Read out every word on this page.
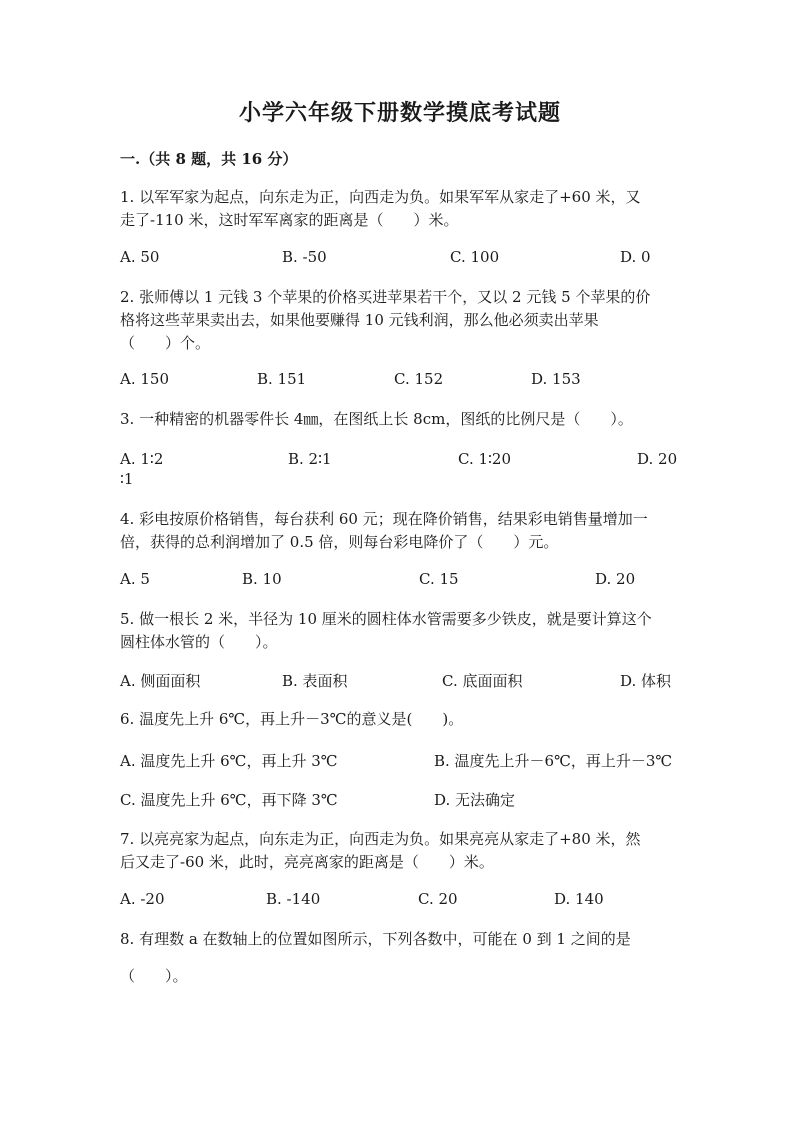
小学六年级下册数学摸底考试题
一.（共 8 题，共 16 分）
1. 以军军家为起点，向东走为正，向西走为负。如果军军从家走了+60 米，又
走了-110 米，这时军军离家的距离是（　　）米。
A. 50	B. -50	C. 100	D. 0
2. 张师傅以 1 元钱 3 个苹果的价格买进苹果若干个，又以 2 元钱 5 个苹果的价
格将这些苹果卖出去，如果他要赚得 10 元钱利润，那么他必须卖出苹果
（　　）个。
A. 150	B. 151	C. 152	D. 153
3. 一种精密的机器零件长 4㎜，在图纸上长 8cm，图纸的比例尺是（　　）。
A. 1∶2	B. 2∶1	C. 1∶20	D. 20
∶1
4. 彩电按原价格销售，每台获利 60 元；现在降价销售，结果彩电销售量增加一
倍，获得的总利润增加了 0.5 倍，则每台彩电降价了（　　）元。
A. 5	B. 10	C. 15	D. 20
5. 做一根长 2 米，半径为 10 厘米的圆柱体水管需要多少铁皮，就是要计算这个
圆柱体水管的（　　）。
A. 侧面面积	B. 表面积	C. 底面面积	D. 体积
6. 温度先上升 6℃，再上升－3℃的意义是(　　)。
A. 温度先上升 6℃，再上升 3℃	B. 温度先上升－6℃，再上升－3℃
C. 温度先上升 6℃，再下降 3℃	D. 无法确定
7. 以亮亮家为起点，向东走为正，向西走为负。如果亮亮从家走了+80 米，然
后又走了-60 米，此时，亮亮离家的距离是（　　）米。
A. -20	B. -140	C. 20	D. 140
8. 有理数 a 在数轴上的位置如图所示，下列各数中，可能在 0 到 1 之间的是
（　　）。
